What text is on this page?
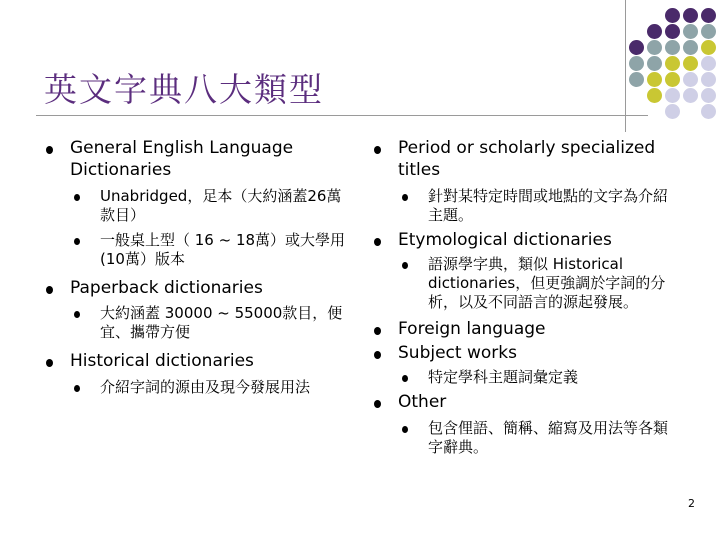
英文字典八大類型
General English Language Dictionaries
Unabridged，足本（大約涵蓋26萬款目）
一般桌上型（ 16 ~ 18萬）或大學用 (10萬）版本
Paperback dictionaries
大約涵蓋 30000 ~ 55000款目，便宜、攜帶方便
Historical dictionaries
介紹字詞的源由及現今發展用法
Period or scholarly specialized titles
針對某特定時間或地點的文字為介紹主題。
Etymological dictionaries
語源學字典，類似 Historical dictionaries，但更強調於字詞的分析，以及不同語言的源起發展。
Foreign language
Subject works
特定學科主題詞彙定義
Other
包含俚語、簡稱、縮寫及用法等各類字辭典。
2
